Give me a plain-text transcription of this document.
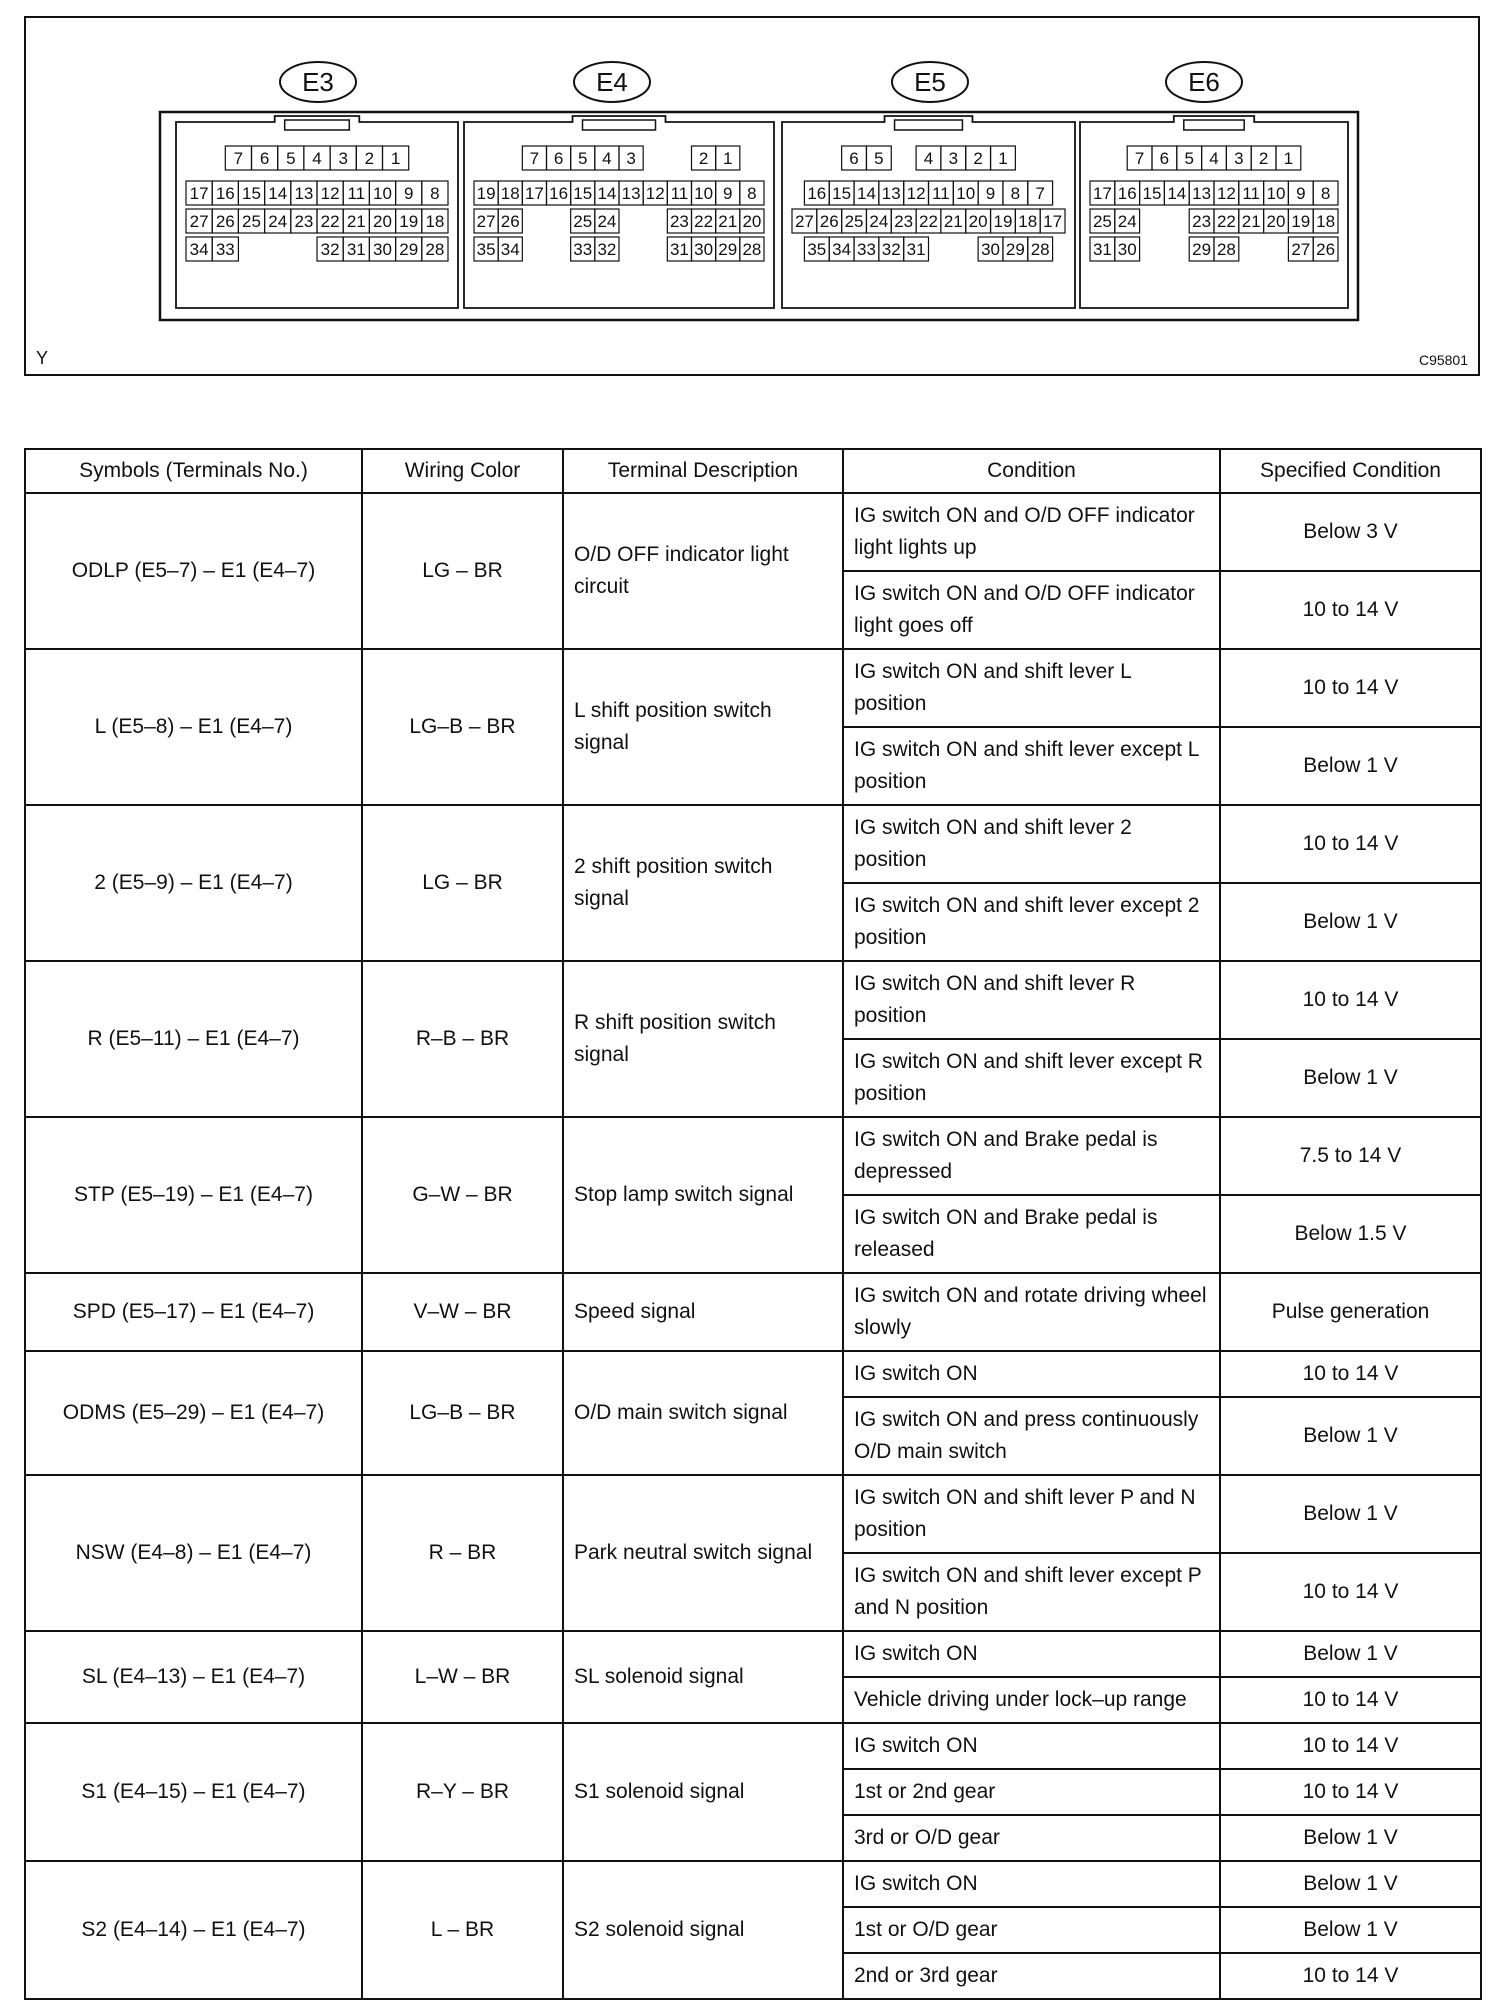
E3
7 6 5 4 3 2 1
17 16 15 14 13 12 11 10 9 8
27 26 25 24 23 22 21 20 19 18
34 33	32 31 30 29 28
E4
7 6 5 4 3	2 1
19 18 17 16 15 14 13 12 11 10 9 8
27 26	25 24	23 22 21 20
35 34	33 32	31 30 29 28
E5
6 5 4 3 2 1
16 15 14 13 12 11 10 9 8 7
27 26 25 24 23 22 21 20 19 18 17
35 34 33 32 31	30 29 28
E6
7 6 5 4 3 2 1
17 16 15 14 13 12 11 10 9 8
25 24	23 22 21 20 19 18
31 30	29 28	27 26
Y	C95801
Symbols (Terminals No.)	Wiring Color	Terminal Description	Condition	Specified Condition
ODLP (E5–7) – E1 (E4–7)	LG – BR	O/D OFF indicator light circuit	IG switch ON and O/D OFF indicator light lights up	Below 3 V
			IG switch ON and O/D OFF indicator light goes off	10 to 14 V
L (E5–8) – E1 (E4–7)	LG–B – BR	L shift position switch signal	IG switch ON and shift lever L position	10 to 14 V
			IG switch ON and shift lever except L position	Below 1 V
2 (E5–9) – E1 (E4–7)	LG – BR	2 shift position switch signal	IG switch ON and shift lever 2 position	10 to 14 V
			IG switch ON and shift lever except 2 position	Below 1 V
R (E5–11) – E1 (E4–7)	R–B – BR	R shift position switch signal	IG switch ON and shift lever R position	10 to 14 V
			IG switch ON and shift lever except R position	Below 1 V
STP (E5–19) – E1 (E4–7)	G–W – BR	Stop lamp switch signal	IG switch ON and Brake pedal is depressed	7.5 to 14 V
			IG switch ON and Brake pedal is released	Below 1.5 V
SPD (E5–17) – E1 (E4–7)	V–W – BR	Speed signal	IG switch ON and rotate driving wheel slowly	Pulse generation
ODMS (E5–29) – E1 (E4–7)	LG–B – BR	O/D main switch signal	IG switch ON	10 to 14 V
			IG switch ON and press continuously O/D main switch	Below 1 V
NSW (E4–8) – E1 (E4–7)	R – BR	Park neutral switch signal	IG switch ON and shift lever P and N position	Below 1 V
			IG switch ON and shift lever except P and N position	10 to 14 V
SL (E4–13) – E1 (E4–7)	L–W – BR	SL solenoid signal	IG switch ON	Below 1 V
			Vehicle driving under lock–up range	10 to 14 V
S1 (E4–15) – E1 (E4–7)	R–Y – BR	S1 solenoid signal	IG switch ON	10 to 14 V
			1st or 2nd gear	10 to 14 V
			3rd or O/D gear	Below 1 V
S2 (E4–14) – E1 (E4–7)	L – BR	S2 solenoid signal	IG switch ON	Below 1 V
			1st or O/D gear	Below 1 V
			2nd or 3rd gear	10 to 14 V
